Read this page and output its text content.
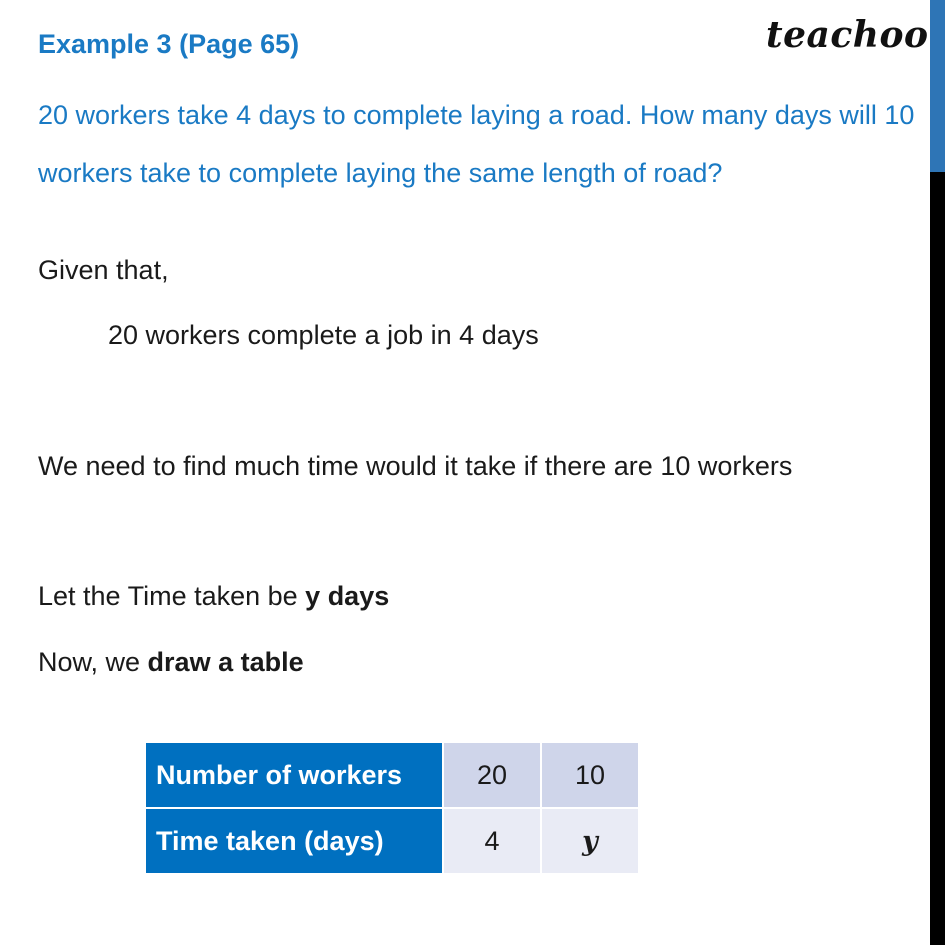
teachoo
Example 3 (Page 65)
20 workers take 4 days to complete laying a road. How many days will 10 workers take to complete laying the same length of road?
Given that,
20 workers complete a job in 4 days
We need to find much time would it take if there are 10 workers
Let the Time taken be y days
Now, we draw a table
Number of workers	20	10
Time taken (days)	4	y
